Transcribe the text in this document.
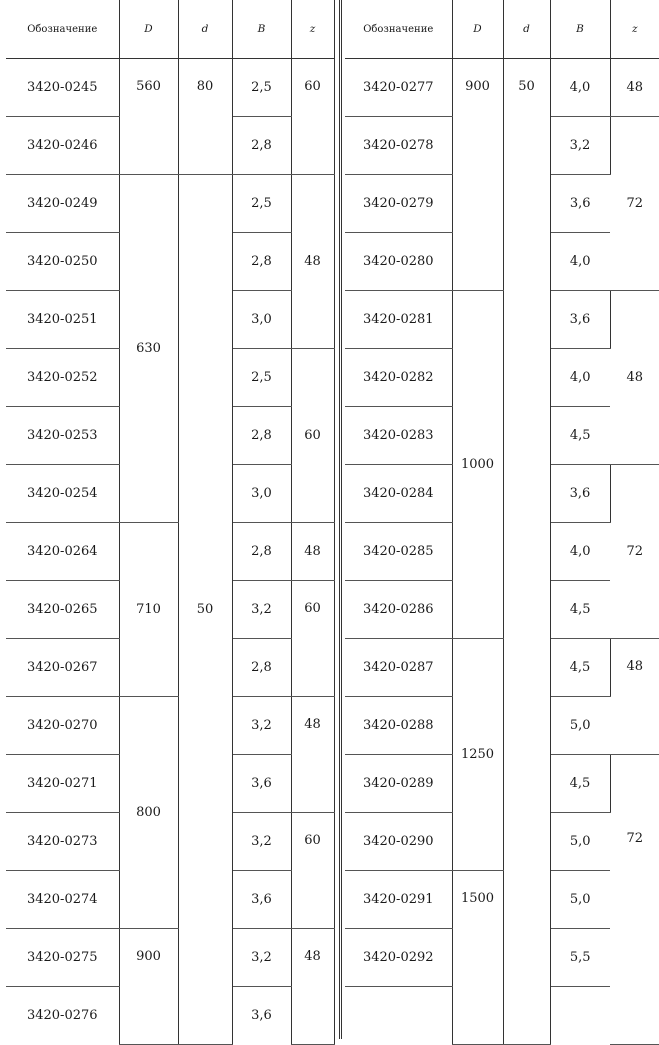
Обозначение	D	d	B	z
3420-0245	560	80	2,5	60
3420-0246			2,8	
3420-0249	630	50	2,5	48
3420-0250			2,8	
3420-0251			3,0	
3420-0252			2,5	60
3420-0253			2,8	
3420-0254			3,0	
3420-0264	710		2,8	48
3420-0265			3,2	60
3420-0267			2,8	
3420-0270	800		3,2	48
3420-0271			3,6	
3420-0273			3,2	60
3420-0274			3,6	
3420-0275	900		3,2	48
3420-0276			3,6	
Обозначение	D	d	B	z
3420-0277	900	50	4,0	48
3420-0278			3,2	72
3420-0279			3,6	
3420-0280			4,0	
3420-0281	1000		3,6	48
3420-0282			4,0	
3420-0283			4,5	
3420-0284			3,6	72
3420-0285			4,0	
3420-0286			4,5	
3420-0287	1250		4,5	48
3420-0288			5,0	
3420-0289			4,5	72
3420-0290			5,0	
3420-0291	1500		5,0	
3420-0292			5,5	
